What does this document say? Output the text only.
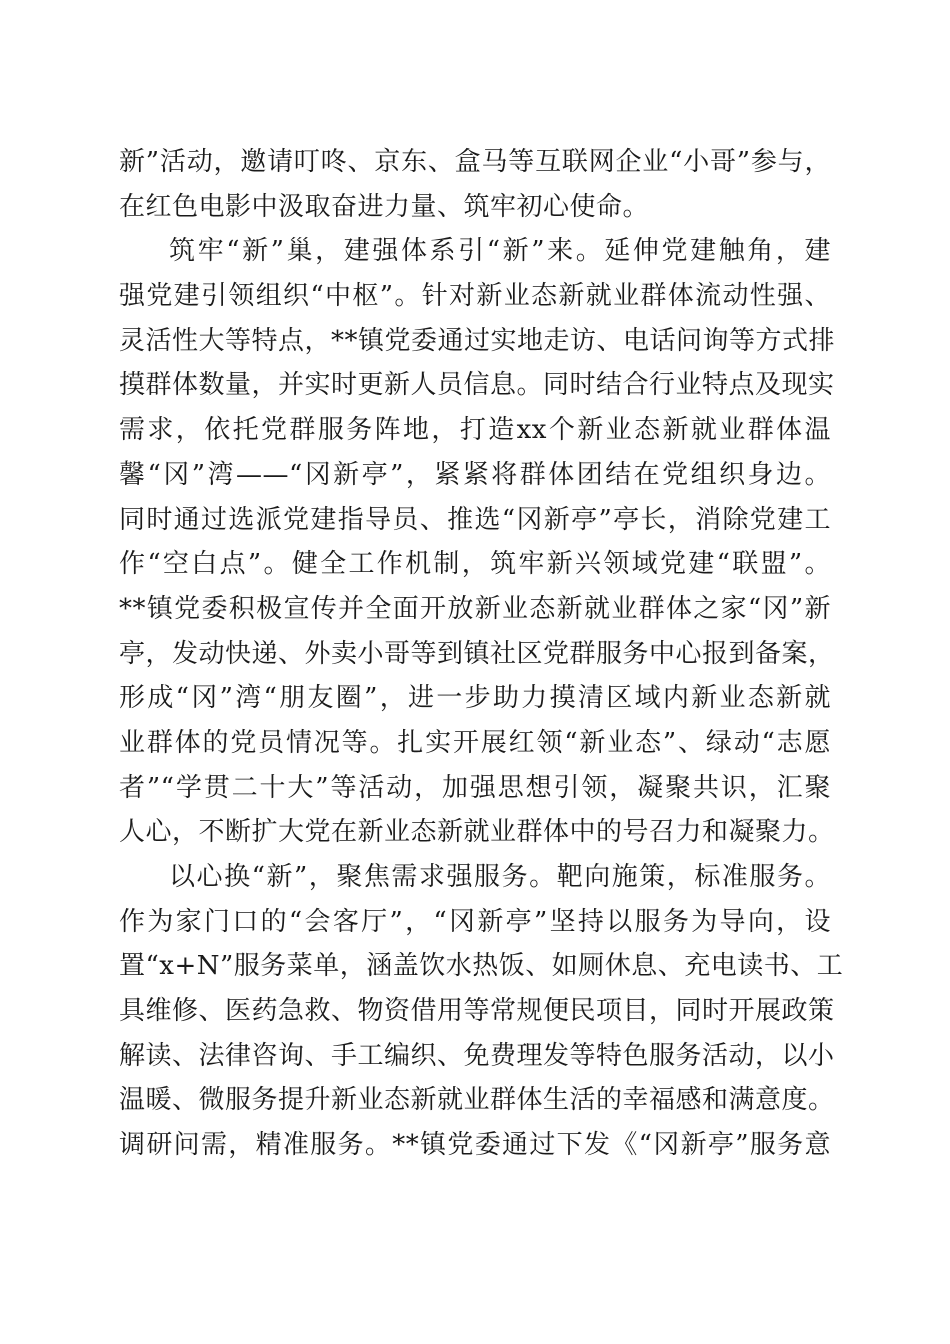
新”活动，邀请叮咚、京东、盒马等互联网企业“小哥”参与，
在红色电影中汲取奋进力量、筑牢初心使命。
筑牢“新”巢，建强体系引“新”来。延伸党建触角，建
强党建引领组织“中枢”。针对新业态新就业群体流动性强、
灵活性大等特点，**镇党委通过实地走访、电话问询等方式排
摸群体数量，并实时更新人员信息。同时结合行业特点及现实
需求，依托党群服务阵地，打造xx个新业态新就业群体温
馨“冈”湾——“冈新亭”，紧紧将群体团结在党组织身边。
同时通过选派党建指导员、推选“冈新亭”亭长，消除党建工
作“空白点”。健全工作机制，筑牢新兴领域党建“联盟”。
**镇党委积极宣传并全面开放新业态新就业群体之家“冈”新
亭，发动快递、外卖小哥等到镇社区党群服务中心报到备案，
形成“冈”湾“朋友圈”，进一步助力摸清区域内新业态新就
业群体的党员情况等。扎实开展红领“新业态”、绿动“志愿
者”“学贯二十大”等活动，加强思想引领，凝聚共识，汇聚
人心，不断扩大党在新业态新就业群体中的号召力和凝聚力。
以心换“新”，聚焦需求强服务。靶向施策，标准服务。
作为家门口的“会客厅”，“冈新亭”坚持以服务为导向，设
置“x+N”服务菜单，涵盖饮水热饭、如厕休息、充电读书、工
具维修、医药急救、物资借用等常规便民项目，同时开展政策
解读、法律咨询、手工编织、免费理发等特色服务活动，以小
温暖、微服务提升新业态新就业群体生活的幸福感和满意度。
调研问需，精准服务。**镇党委通过下发《“冈新亭”服务意
